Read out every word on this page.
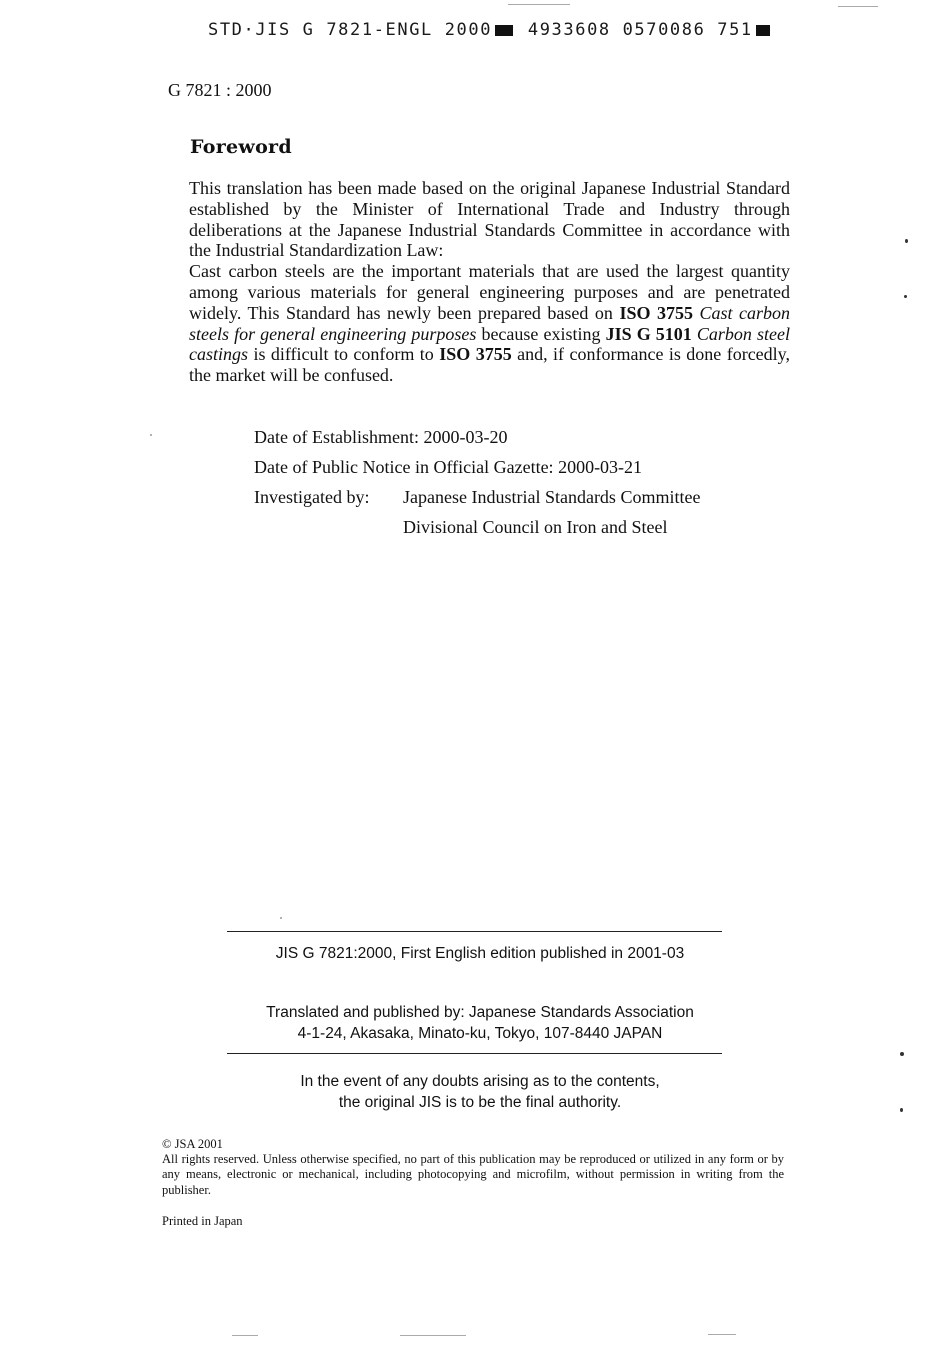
STD·JIS G 7821-ENGL 2000 4933608 0570086 751
G 7821 : 2000
Foreword

This translation has been made based on the original Japanese Industrial Standard established by the Minister of International Trade and Industry through deliberations at the Japanese Industrial Standards Committee in accordance with the Industrial Standardization Law:

Cast carbon steels are the important materials that are used the largest quantity among various materials for general engineering purposes and are penetrated widely. This Standard has newly been prepared based on ISO 3755 Cast carbon steels for general engineering purposes because existing JIS G 5101 Carbon steel castings is difficult to conform to ISO 3755 and, if conformance is done forcedly, the market will be confused.

Date of Establishment: 2000-03-20
Date of Public Notice in Official Gazette: 2000-03-21
Investigated by: Japanese Industrial Standards Committee
Divisional Council on Iron and Steel
JIS G 7821:2000, First English edition published in 2001-03
Translated and published by: Japanese Standards Association
4-1-24, Akasaka, Minato-ku, Tokyo, 107-8440 JAPAN
In the event of any doubts arising as to the contents,
the original JIS is to be the final authority.

© JSA 2001

All rights reserved. Unless otherwise specified, no part of this publication may be reproduced or utilized in any form or by any means, electronic or mechanical, including photocopying and microfilm, without permission in writing from the publisher.

Printed in Japan
